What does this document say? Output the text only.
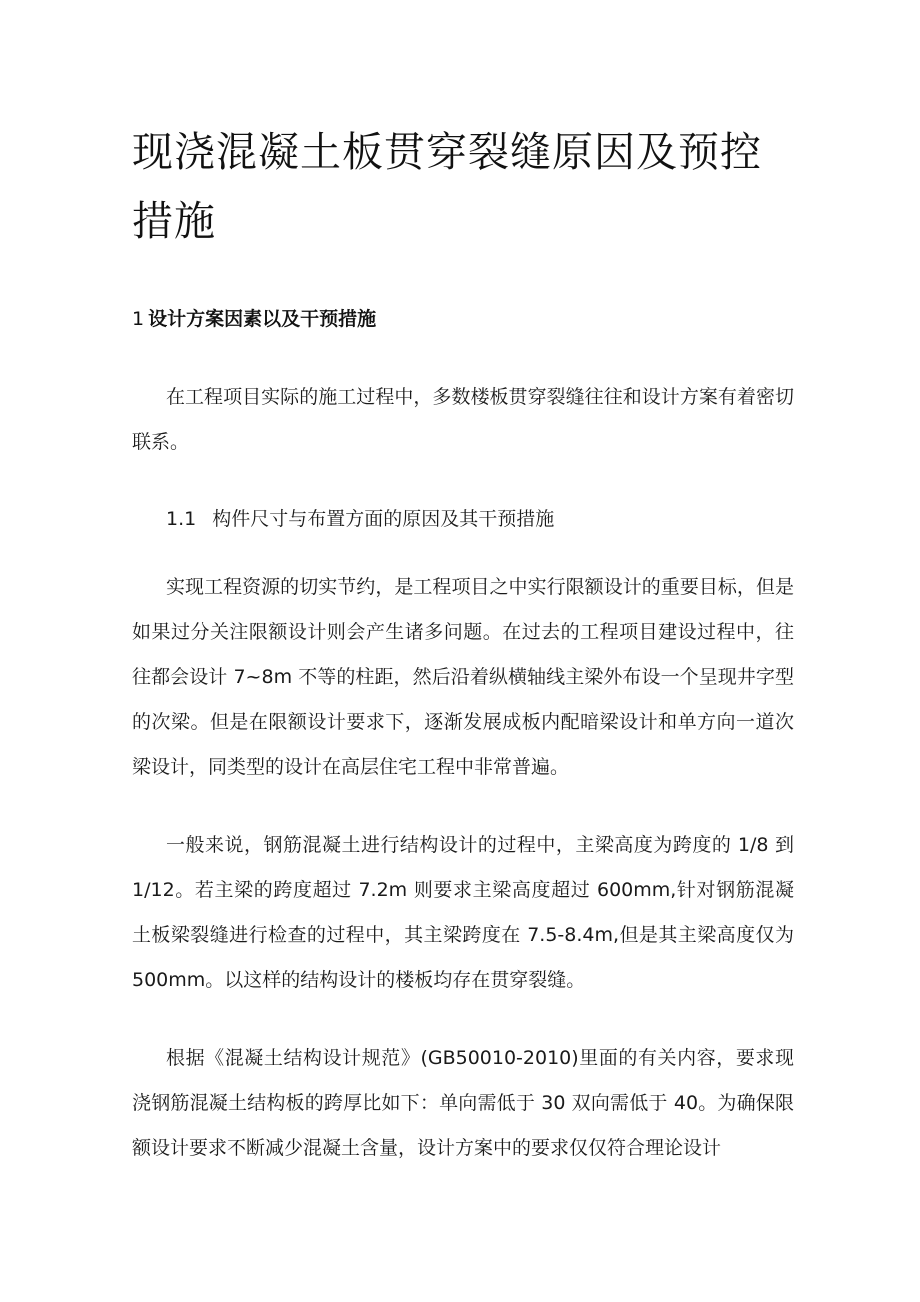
现浇混凝土板贯穿裂缝原因及预控措施
1 设计方案因素以及干预措施

在工程项目实际的施工过程中，多数楼板贯穿裂缝往往和设计方案有着密切联系。

1.1 构件尺寸与布置方面的原因及其干预措施

实现工程资源的切实节约，是工程项目之中实行限额设计的重要目标，但是如果过分关注限额设计则会产生诸多问题。在过去的工程项目建设过程中，往往都会设计 7~8m 不等的柱距，然后沿着纵横轴线主梁外布设一个呈现井字型的次梁。但是在限额设计要求下，逐渐发展成板内配暗梁设计和单方向一道次梁设计，同类型的设计在高层住宅工程中非常普遍。

一般来说，钢筋混凝土进行结构设计的过程中，主梁高度为跨度的 1/8 到 1/12。若主梁的跨度超过 7.2m 则要求主梁高度超过 600mm,针对钢筋混凝土板梁裂缝进行检查的过程中，其主梁跨度在 7.5-8.4m,但是其主梁高度仅为 500mm。以这样的结构设计的楼板均存在贯穿裂缝。

根据《混凝土结构设计规范》(GB50010-2010)里面的有关内容，要求现浇钢筋混凝土结构板的跨厚比如下：单向需低于 30 双向需低于 40。为确保限额设计要求不断减少混凝土含量，设计方案中的要求仅仅符合理论设计
